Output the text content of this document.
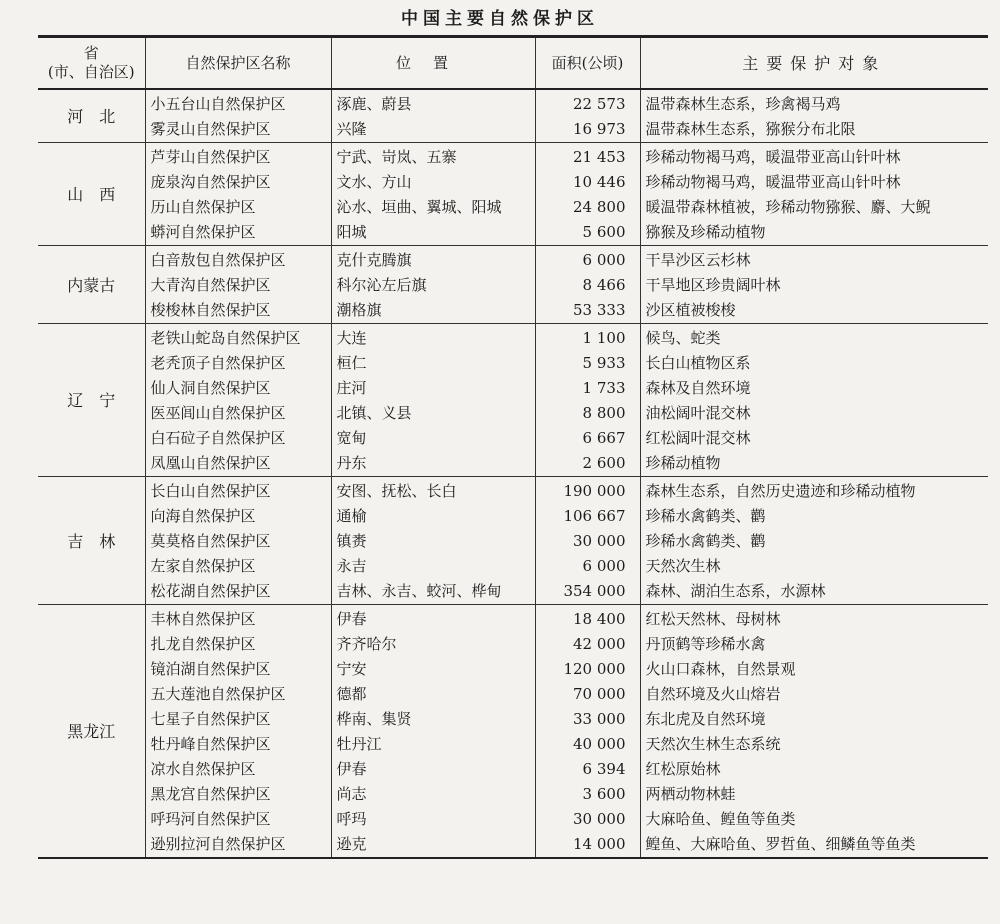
中国主要自然保护区
省
(市、自治区)	自然保护区名称	位置	面积(公顷)	主要保护对象
河　北	小五台山自然保护区	涿鹿、蔚县	22 573	温带森林生态系，珍禽褐马鸡
	雾灵山自然保护区	兴隆	16 973	温带森林生态系，猕猴分布北限
山　西	芦芽山自然保护区	宁武、岢岚、五寨	21 453	珍稀动物褐马鸡，暖温带亚高山针叶林
	庞泉沟自然保护区	文水、方山	10 446	珍稀动物褐马鸡，暖温带亚高山针叶林
	历山自然保护区	沁水、垣曲、翼城、阳城	24 800	暖温带森林植被，珍稀动物猕猴、麝、大鲵
	蟒河自然保护区	阳城	5 600	猕猴及珍稀动植物
内蒙古	白音敖包自然保护区	克什克腾旗	6 000	干旱沙区云杉林
	大青沟自然保护区	科尔沁左后旗	8 466	干旱地区珍贵阔叶林
	梭梭林自然保护区	潮格旗	53 333	沙区植被梭梭
辽　宁	老铁山蛇岛自然保护区	大连	1 100	候鸟、蛇类
	老秃顶子自然保护区	桓仁	5 933	长白山植物区系
	仙人洞自然保护区	庄河	1 733	森林及自然环境
	医巫闾山自然保护区	北镇、义县	8 800	油松阔叶混交林
	白石砬子自然保护区	宽甸	6 667	红松阔叶混交林
	凤凰山自然保护区	丹东	2 600	珍稀动植物
吉　林	长白山自然保护区	安图、抚松、长白	190 000	森林生态系，自然历史遗迹和珍稀动植物
	向海自然保护区	通榆	106 667	珍稀水禽鹤类、鹳
	莫莫格自然保护区	镇赉	30 000	珍稀水禽鹤类、鹳
	左家自然保护区	永吉	6 000	天然次生林
	松花湖自然保护区	吉林、永吉、蛟河、桦甸	354 000	森林、湖泊生态系，水源林
黑龙江	丰林自然保护区	伊春	18 400	红松天然林、母树林
	扎龙自然保护区	齐齐哈尔	42 000	丹顶鹤等珍稀水禽
	镜泊湖自然保护区	宁安	120 000	火山口森林，自然景观
	五大莲池自然保护区	德都	70 000	自然环境及火山熔岩
	七星子自然保护区	桦南、集贤	33 000	东北虎及自然环境
	牡丹峰自然保护区	牡丹江	40 000	天然次生林生态系统
	凉水自然保护区	伊春	6 394	红松原始林
	黑龙宫自然保护区	尚志	3 600	两栖动物林蛙
	呼玛河自然保护区	呼玛	30 000	大麻哈鱼、鳇鱼等鱼类
	逊别拉河自然保护区	逊克	14 000	鳇鱼、大麻哈鱼、罗哲鱼、细鳞鱼等鱼类
